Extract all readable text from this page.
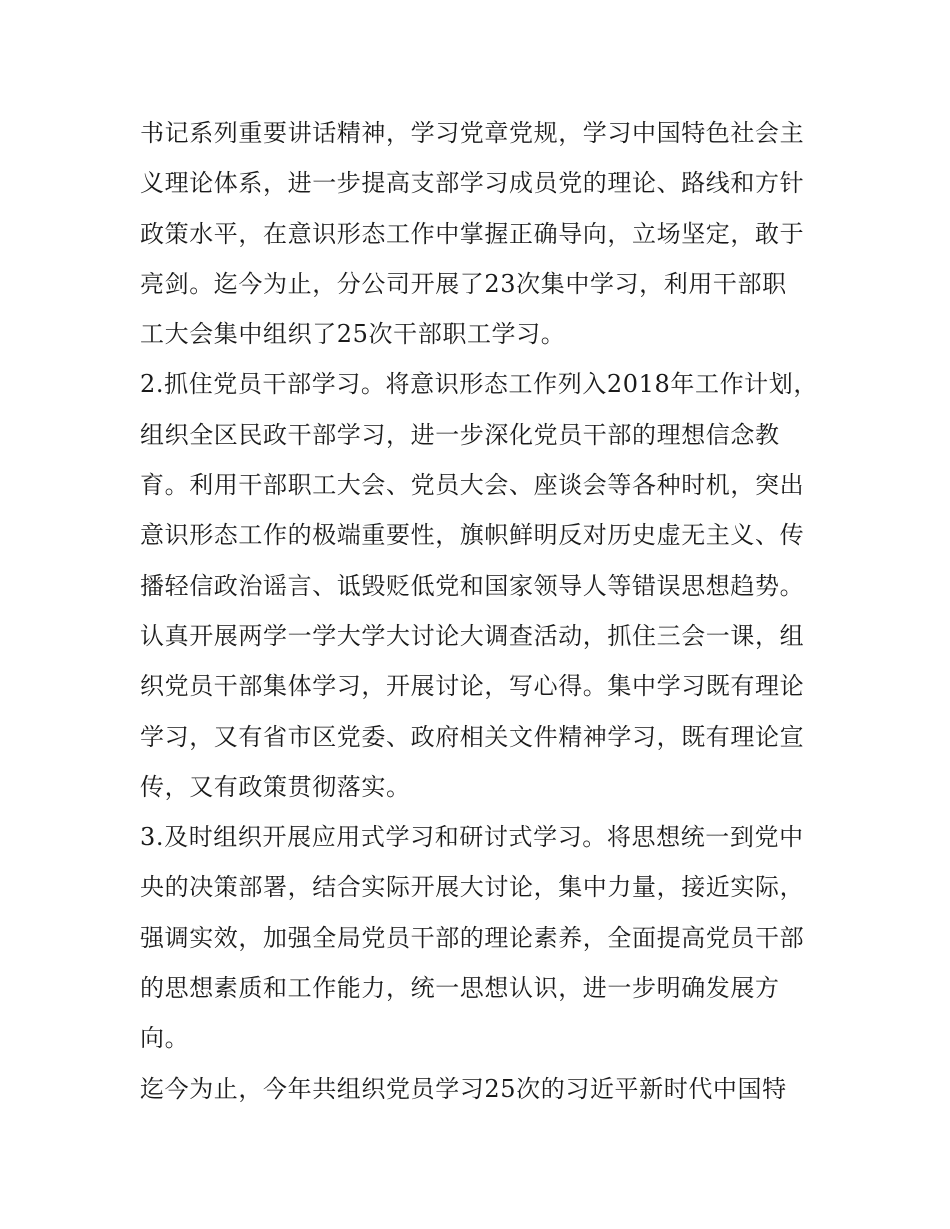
书记系列重要讲话精神，学习党章党规，学习中国特色社会主
义理论体系，进一步提高支部学习成员党的理论、路线和方针
政策水平，在意识形态工作中掌握正确导向，立场坚定，敢于
亮剑。迄今为止，分公司开展了23次集中学习，利用干部职
工大会集中组织了25次干部职工学习。
2.抓住党员干部学习。将意识形态工作列入2018年工作计划，
组织全区民政干部学习，进一步深化党员干部的理想信念教
育。利用干部职工大会、党员大会、座谈会等各种时机，突出
意识形态工作的极端重要性，旗帜鲜明反对历史虚无主义、传
播轻信政治谣言、诋毁贬低党和国家领导人等错误思想趋势。
认真开展两学一学大学大讨论大调查活动，抓住三会一课，组
织党员干部集体学习，开展讨论，写心得。集中学习既有理论
学习，又有省市区党委、政府相关文件精神学习，既有理论宣
传，又有政策贯彻落实。
3.及时组织开展应用式学习和研讨式学习。将思想统一到党中
央的决策部署，结合实际开展大讨论，集中力量，接近实际，
强调实效，加强全局党员干部的理论素养，全面提高党员干部
的思想素质和工作能力，统一思想认识，进一步明确发展方
向。
迄今为止，今年共组织党员学习25次的习近平新时代中国特
